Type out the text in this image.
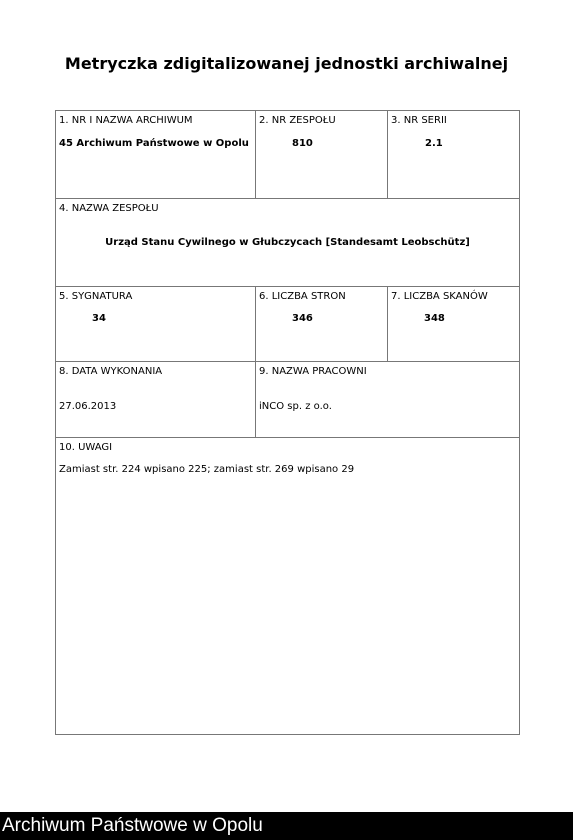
Metryczka zdigitalizowanej jednostki archiwalnej
1. NR I NAZWA ARCHIWUM
45 Archiwum Państwowe w Opolu
2. NR ZESPOŁU
810
3. NR SERII
2.1
4. NAZWA ZESPOŁU
Urząd Stanu Cywilnego w Głubczycach [Standesamt Leobschütz]
5. SYGNATURA
34
6. LICZBA STRON
346
7. LICZBA SKANÓW
348
8. DATA WYKONANIA
27.06.2013
9. NAZWA PRACOWNI
iNCO sp. z o.o.
10. UWAGI
Zamiast str. 224 wpisano 225; zamiast str. 269 wpisano 29
Archiwum Państwowe w Opolu
